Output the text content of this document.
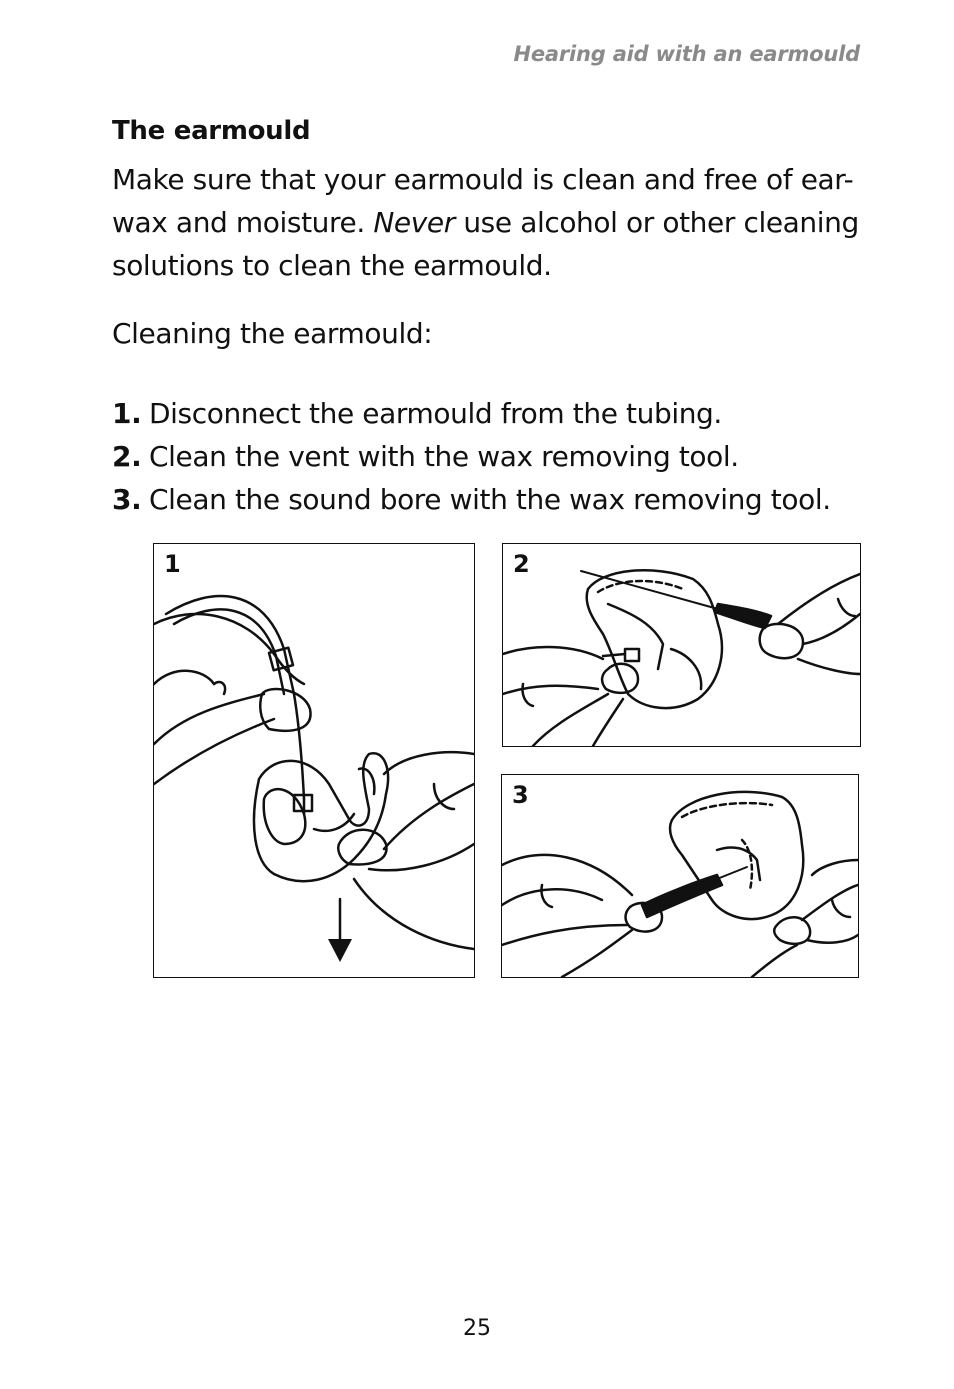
Hearing aid with an earmould
The earmould
Make sure that your earmould is clean and free of ear- wax and moisture. Never use alcohol or other cleaning solutions to clean the earmould.
Cleaning the earmould:
1. Disconnect the earmould from the tubing.
2. Clean the vent with the wax removing tool.
3. Clean the sound bore with the wax removing tool.
1	2
3
25
